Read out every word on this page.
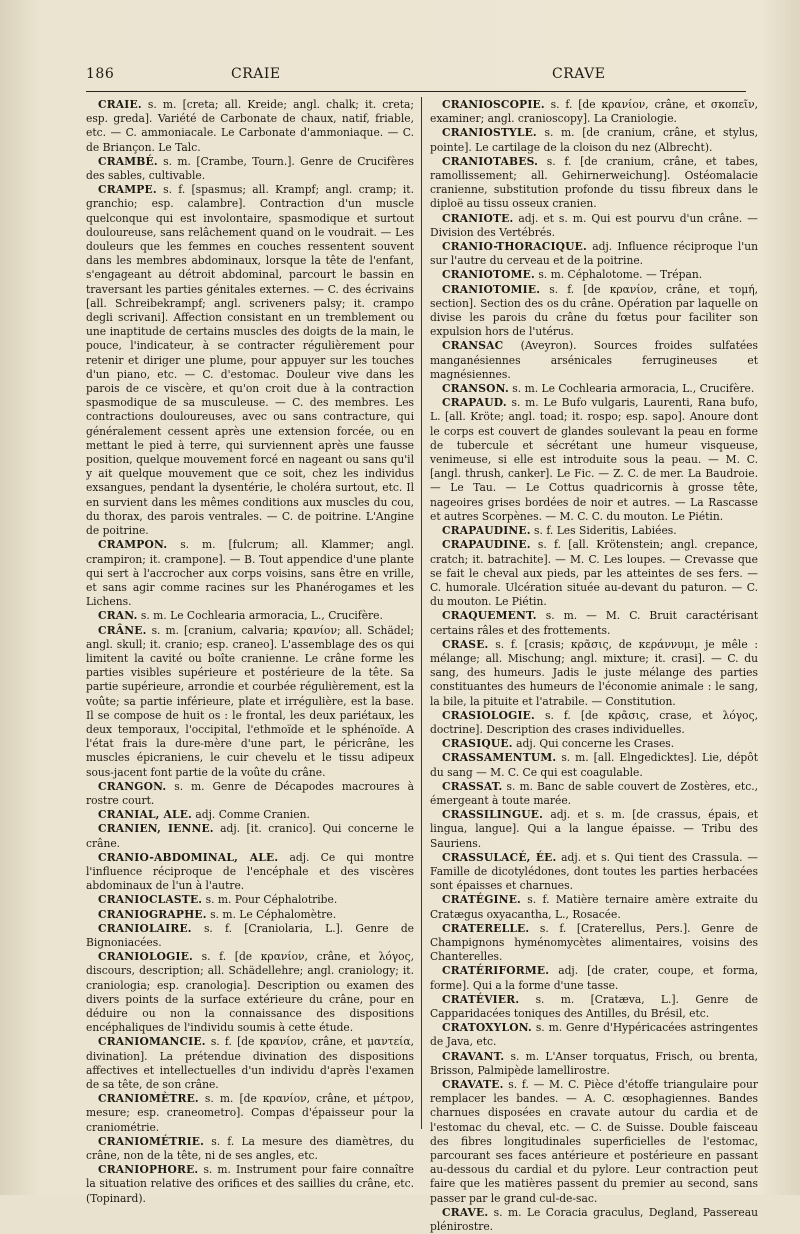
186	CRAIE	CRAVE

CRAIE. s. m. [creta; all. Kreide; angl. chalk; it. creta; esp. greda]. Variété de Carbonate de chaux, natif, friable, etc. — C. ammoniacale. Le Carbonate d'ammoniaque. — C. de Briançon. Le Talc.

CRAMBÉ. s. m. [Crambe, Tourn.]. Genre de Crucifères des sables, cultivable.

CRAMPE. s. f. [spasmus; all. Krampf; angl. cramp; it. granchio; esp. calambre]. Contraction d'un muscle quelconque qui est involontaire, spasmodique et surtout douloureuse, sans relâchement quand on le voudrait. — Les douleurs que les femmes en couches ressentent souvent dans les membres abdominaux, lorsque la tête de l'enfant, s'engageant au détroit abdominal, parcourt le bassin en traversant les parties génitales externes. — C. des écrivains [all. Schreibekrampf; angl. scriveners palsy; it. crampo degli scrivani]. Affection consistant en un tremblement ou une inaptitude de certains muscles des doigts de la main, le pouce, l'indicateur, à se contracter régulièrement pour retenir et diriger une plume, pour appuyer sur les touches d'un piano, etc. — C. d'estomac. Douleur vive dans les parois de ce viscère, et qu'on croit due à la contraction spasmodique de sa musculeuse. — C. des membres. Les contractions douloureuses, avec ou sans contracture, qui généralement cessent après une extension forcée, ou en mettant le pied à terre, qui surviennent après une fausse position, quelque mouvement forcé en nageant ou sans qu'il y ait quelque mouvement que ce soit, chez les individus exsangues, pendant la dysentérie, le choléra surtout, etc. Il en survient dans les mêmes conditions aux muscles du cou, du thorax, des parois ventrales. — C. de poitrine. L'Angine de poitrine.

CRAMPON. s. m. [fulcrum; all. Klammer; angl. crampiron; it. crampone]. — B. Tout appendice d'une plante qui sert à l'accrocher aux corps voisins, sans être en vrille, et sans agir comme racines sur les Phanérogames et les Lichens.

CRAN. s. m. Le Cochlearia armoracia, L., Crucifère.

CRÂNE. s. m. [cranium, calvaria; κρανίον; all. Schädel; angl. skull; it. cranio; esp. craneo]. L'assemblage des os qui limitent la cavité ou boîte cranienne. Le crâne forme les parties visibles supérieure et postérieure de la tête. Sa partie supérieure, arrondie et courbée régulièrement, est la voûte; sa partie inférieure, plate et irrégulière, est la base. Il se compose de huit os : le frontal, les deux pariétaux, les deux temporaux, l'occipital, l'ethmoïde et le sphénoïde. A l'état frais la dure-mère d'une part, le péricrâne, les muscles épicraniens, le cuir chevelu et le tissu adipeux sous-jacent font partie de la voûte du crâne.

CRANGON. s. m. Genre de Décapodes macroures à rostre court.

CRANIAL, ALE. adj. Comme Cranien.

CRANIEN, IENNE. adj. [it. cranico]. Qui concerne le crâne.

CRANIO-ABDOMINAL, ALE. adj. Ce qui montre l'influence réciproque de l'encéphale et des viscères abdominaux de l'un à l'autre.

CRANIOCLASTE. s. m. Pour Céphalotribe.

CRANIOGRAPHE. s. m. Le Céphalomètre.

CRANIOLAIRE. s. f. [Craniolaria, L.]. Genre de Bignoniacées.

CRANIOLOGIE. s. f. [de κρανίον, crâne, et λόγος, discours, description; all. Schädellehre; angl. craniology; it. craniologia; esp. cranologia]. Description ou examen des divers points de la surface extérieure du crâne, pour en déduire ou non la connaissance des dispositions encéphaliques de l'individu soumis à cette étude.

CRANIOMANCIE. s. f. [de κρανίον, crâne, et μαντεία, divination]. La prétendue divination des dispositions affectives et intellectuelles d'un individu d'après l'examen de sa tête, de son crâne.

CRANIOMÈTRE. s. m. [de κρανίον, crâne, et μέτρον, mesure; esp. craneometro]. Compas d'épaisseur pour la craniométrie.

CRANIOMÉTRIE. s. f. La mesure des diamètres, du crâne, non de la tête, ni de ses angles, etc.

CRANIOPHORE. s. m. Instrument pour faire connaître la situation relative des orifices et des saillies du crâne, etc. (Topinard).

CRANIOSCOPIE. s. f. [de κρανίον, crâne, et σκοπεῖν, examiner; angl. cranioscopy]. La Craniologie.

CRANIOSTYLE. s. m. [de cranium, crâne, et stylus, pointe]. Le cartilage de la cloison du nez (Albrecht).

CRANIOTABES. s. f. [de cranium, crâne, et tabes, ramollissement; all. Gehirnerweichung]. Ostéomalacie cranienne, substitution profonde du tissu fibreux dans le diploë au tissu osseux cranien.

CRANIOTE. adj. et s. m. Qui est pourvu d'un crâne. — Division des Vertébrés.

CRANIO-THORACIQUE. adj. Influence réciproque l'un sur l'autre du cerveau et de la poitrine.

CRANIOTOME. s. m. Céphalotome. — Trépan.

CRANIOTOMIE. s. f. [de κρανίον, crâne, et τομή, section]. Section des os du crâne. Opération par laquelle on divise les parois du crâne du fœtus pour faciliter son expulsion hors de l'utérus.

CRANSAC (Aveyron). Sources froides sulfatées manganésiennes arsénicales ferrugineuses et magnésiennes.

CRANSON. s. m. Le Cochlearia armoracia, L., Crucifère.

CRAPAUD. s. m. Le Bufo vulgaris, Laurenti, Rana bufo, L. [all. Kröte; angl. toad; it. rospo; esp. sapo]. Anoure dont le corps est couvert de glandes soulevant la peau en forme de tubercule et sécrétant une humeur visqueuse, venimeuse, si elle est introduite sous la peau. — M. C. [angl. thrush, canker]. Le Fic. — Z. C. de mer. La Baudroie. — Le Tau. — Le Cottus quadricornis à grosse tête, nageoires grises bordées de noir et autres. — La Rascasse et autres Scorpènes. — M. C. C. du mouton. Le Piétin.

CRAPAUDINE. s. f. Les Sideritis, Labiées.

CRAPAUDINE. s. f. [all. Krötenstein; angl. crepance, cratch; it. batrachite]. — M. C. Les loupes. — Crevasse que se fait le cheval aux pieds, par les atteintes de ses fers. — C. humorale. Ulcération située au-devant du paturon. — C. du mouton. Le Piétin.

CRAQUEMENT. s. m. — M. C. Bruit caractérisant certains râles et des frottements.

CRASE. s. f. [crasis; κρᾶσις, de κεράννυμι, je mêle : mélange; all. Mischung; angl. mixture; it. crasi]. — C. du sang, des humeurs. Jadis le juste mélange des parties constituantes des humeurs de l'économie animale : le sang, la bile, la pituite et l'atrabile. — Constitution.

CRASIOLOGIE. s. f. [de κρᾶσις, crase, et λόγος, doctrine]. Description des crases individuelles.

CRASIQUE. adj. Qui concerne les Crases.

CRASSAMENTUM. s. m. [all. Elngedicktes]. Lie, dépôt du sang — M. C. Ce qui est coagulable.

CRASSAT. s. m. Banc de sable couvert de Zostères, etc., émergeant à toute marée.

CRASSILINGUE. adj. et s. m. [de crassus, épais, et lingua, langue]. Qui a la langue épaisse. — Tribu des Sauriens.

CRASSULACÉ, ÉE. adj. et s. Qui tient des Crassula. — Famille de dicotylédones, dont toutes les parties herbacées sont épaisses et charnues.

CRATÉGINE. s. f. Matière ternaire amère extraite du Cratægus oxyacantha, L., Rosacée.

CRATERELLE. s. f. [Craterellus, Pers.]. Genre de Champignons hyménomycètes alimentaires, voisins des Chanterelles.

CRATÉRIFORME. adj. [de crater, coupe, et forma, forme]. Qui a la forme d'une tasse.

CRATÉVIER. s. m. [Cratæva, L.]. Genre de Capparidacées toniques des Antilles, du Brésil, etc.

CRATOXYLON. s. m. Genre d'Hypéricacées astringentes de Java, etc.

CRAVANT. s. m. L'Anser torquatus, Frisch, ou brenta, Brisson, Palmipède lamellirostre.

CRAVATE. s. f. — M. C. Pièce d'étoffe triangulaire pour remplacer les bandes. — A. C. œsophagiennes. Bandes charnues disposées en cravate autour du cardia et de l'estomac du cheval, etc. — C. de Suisse. Double faisceau des fibres longitudinales superficielles de l'estomac, parcourant ses faces antérieure et postérieure en passant au-dessous du cardial et du pylore. Leur contraction peut faire que les matières passent du premier au second, sans passer par le grand cul-de-sac.

CRAVE. s. m. Le Coracia graculus, Degland, Passereau plénirostre.
